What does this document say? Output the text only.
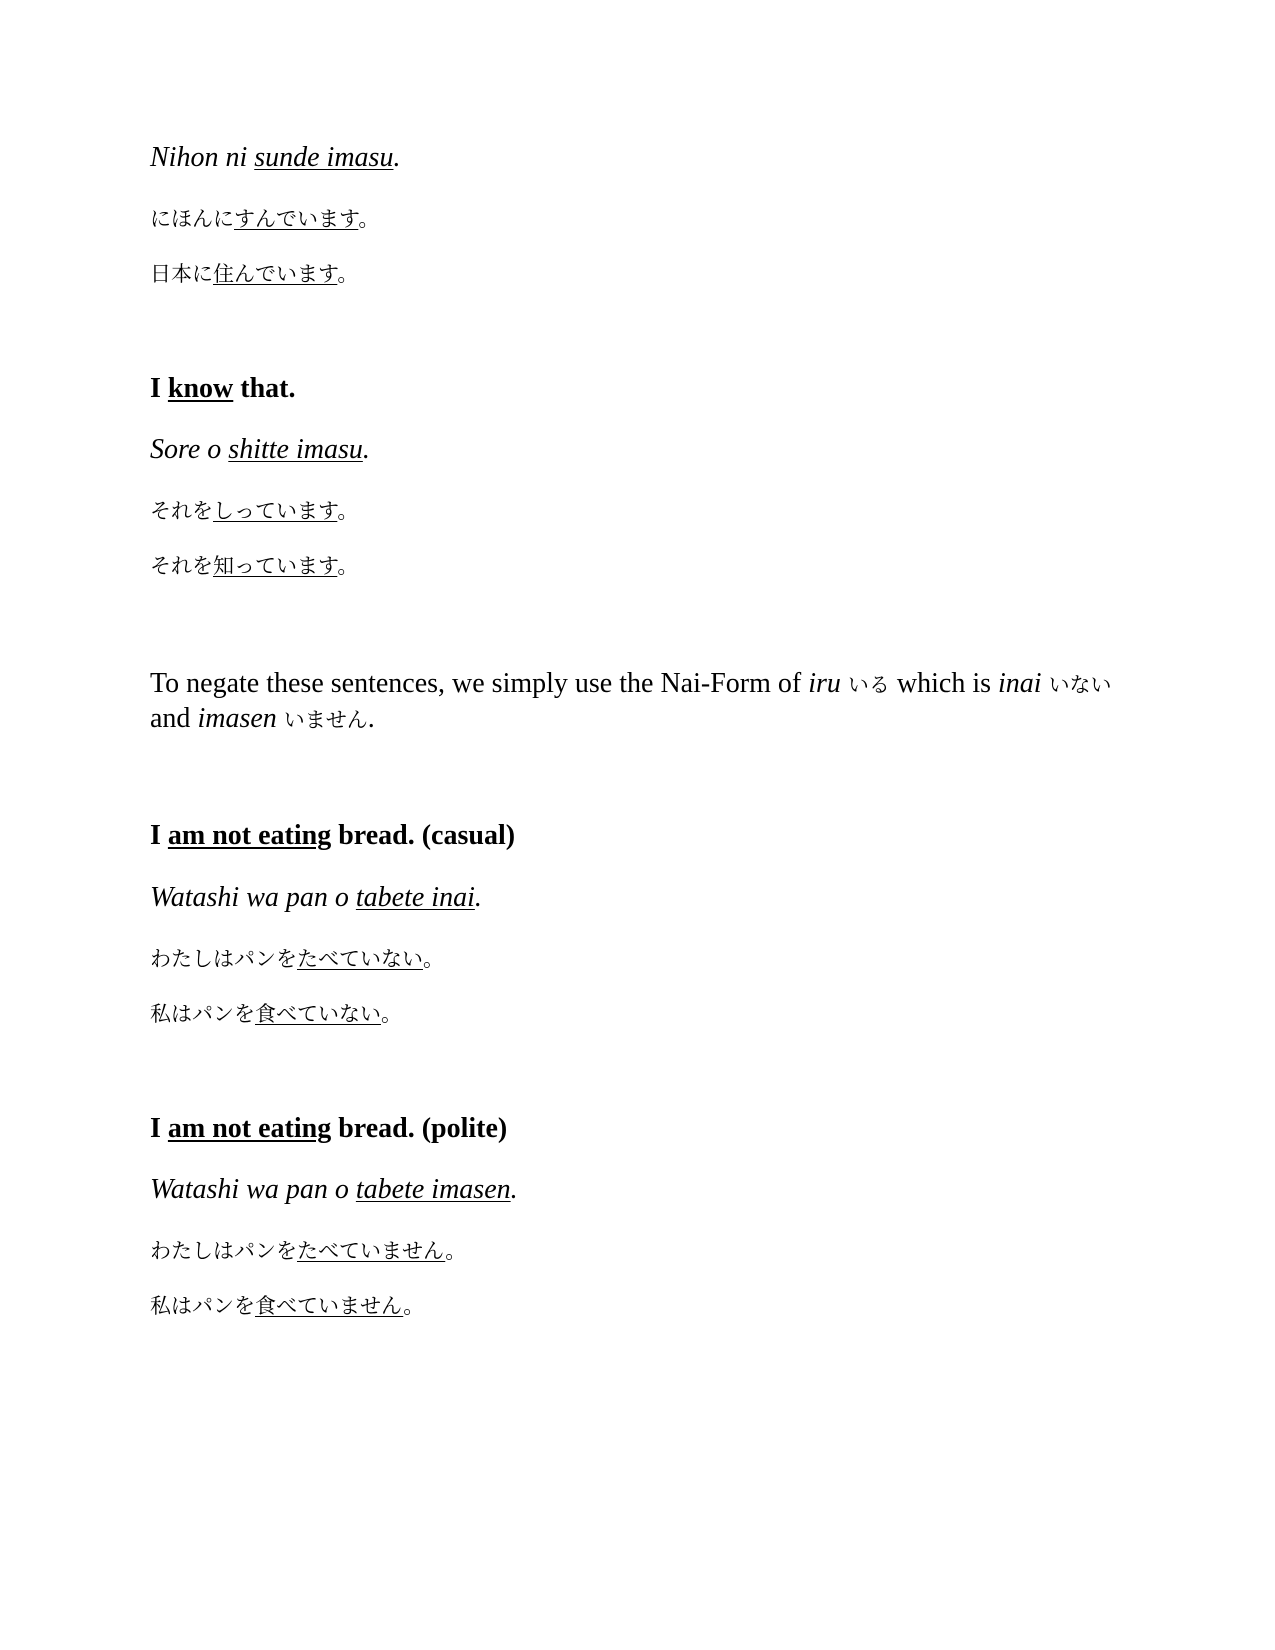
Nihon ni sunde imasu.

にほんにすんでいます。

日本に住んでいます。

I know that.

Sore o shitte imasu.

それをしっています。

それを知っています。

To negate these sentences, we simply use the Nai-Form of iru いる which is inai いない and imasen いません.

I am not eating bread. (casual)

Watashi wa pan o tabete inai.

わたしはパンをたべていない。

私はパンを食べていない。

I am not eating bread. (polite)

Watashi wa pan o tabete imasen.

わたしはパンをたべていません。

私はパンを食べていません。
